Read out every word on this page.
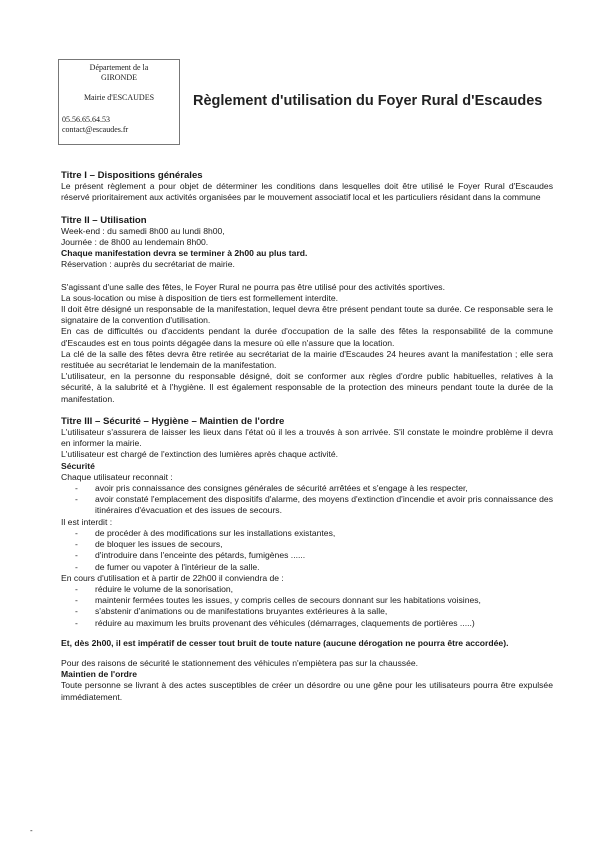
Département de la
GIRONDE
Mairie d'ESCAUDES
05.56.65.64.53
contact@escaudes.fr
Règlement d'utilisation du Foyer Rural d'Escaudes

Titre I – Dispositions générales

Le présent règlement a pour objet de déterminer les conditions dans lesquelles doit être utilisé le Foyer Rural d'Escaudes réservé prioritairement aux activités organisées par le mouvement associatif local et les particuliers résidant dans la commune

Titre II – Utilisation

Week-end : du samedi 8h00 au lundi 8h00,

Journée : de 8h00 au lendemain 8h00.

Chaque manifestation devra se terminer à 2h00 au plus tard.

Réservation : auprès du secrétariat de mairie.

S'agissant d'une salle des fêtes, le Foyer Rural ne pourra pas être utilisé pour des activités sportives.

La sous-location ou mise à disposition de tiers est formellement interdite.

Il doit être désigné un responsable de la manifestation, lequel devra être présent pendant toute sa durée. Ce responsable sera le signataire de la convention d'utilisation.

En cas de difficultés ou d'accidents pendant la durée d'occupation de la salle des fêtes la responsabilité de la commune d'Escaudes est en tous points dégagée dans la mesure où elle n'assure que la location.

La clé de la salle des fêtes devra être retirée au secrétariat de la mairie d'Escaudes 24 heures avant la manifestation ; elle sera restituée au secrétariat le lendemain de la manifestation.

L'utilisateur, en la personne du responsable désigné, doit se conformer aux règles d'ordre public habituelles, relatives à la sécurité, à la salubrité et à l'hygiène. Il est également responsable de la protection des mineurs pendant toute la durée de la manifestation.

Titre III – Sécurité – Hygiène – Maintien de l'ordre

L'utilisateur s'assurera de laisser les lieux dans l'état où il les a trouvés à son arrivée. S'il constate le moindre problème il devra en informer la mairie.

L'utilisateur est chargé de l'extinction des lumières après chaque activité.

Sécurité

Chaque utilisateur reconnait :

- avoir pris connaissance des consignes générales de sécurité arrêtées et s'engage à les respecter,
- avoir constaté l'emplacement des dispositifs d'alarme, des moyens d'extinction d'incendie et avoir pris connaissance des itinéraires d'évacuation et des issues de secours.

Il est interdit :

- de procéder à des modifications sur les installations existantes,
- de bloquer les issues de secours,
- d'introduire dans l'enceinte des pétards, fumigènes ......
- de fumer ou vapoter à l'intérieur de la salle.

En cours d'utilisation et à partir de 22h00 il conviendra de :

- réduire le volume de la sonorisation,
- maintenir fermées toutes les issues, y compris celles de secours donnant sur les habitations voisines,
- s'abstenir d'animations ou de manifestations bruyantes extérieures à la salle,
- réduire au maximum les bruits provenant des véhicules (démarrages, claquements de portières .....)

Et, dès 2h00, il est impératif de cesser tout bruit de toute nature (aucune dérogation ne pourra être accordée).

Pour des raisons de sécurité le stationnement des véhicules n'empiètera pas sur la chaussée.

Maintien de l'ordre

Toute personne se livrant à des actes susceptibles de créer un désordre ou une gêne pour les utilisateurs pourra être expulsée immédiatement.

-
